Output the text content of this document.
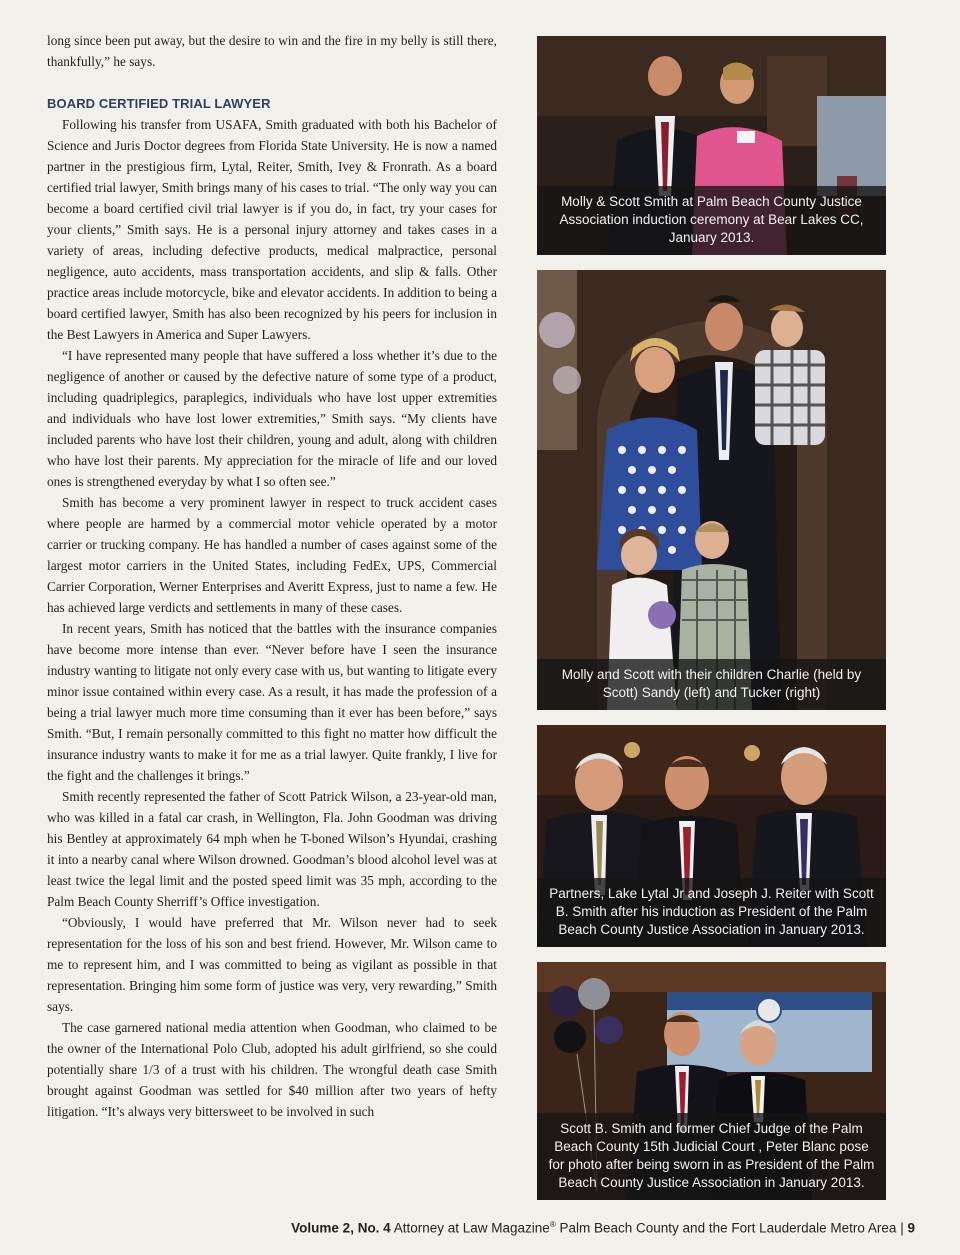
long since been put away, but the desire to win and the fire in my belly is still there, thankfully,” he says.

BOARD CERTIFIED TRIAL LAWYER

Following his transfer from USAFA, Smith graduated with both his Bachelor of Science and Juris Doctor degrees from Florida State University. He is now a named partner in the prestigious firm, Lytal, Reiter, Smith, Ivey & Fronrath. As a board certified trial lawyer, Smith brings many of his cases to trial. “The only way you can become a board certified civil trial lawyer is if you do, in fact, try your cases for your clients,” Smith says. He is a personal injury attorney and takes cases in a variety of areas, including defective products, medical malpractice, personal negligence, auto accidents, mass transportation accidents, and slip & falls. Other practice areas include motorcycle, bike and elevator accidents. In addition to being a board certified lawyer, Smith has also been recognized by his peers for inclusion in the Best Lawyers in America and Super Lawyers.

“I have represented many people that have suffered a loss whether it’s due to the negligence of another or caused by the defective nature of some type of a product, including quadriplegics, paraplegics, individuals who have lost upper extremities and individuals who have lost lower extremities,” Smith says. “My clients have included parents who have lost their children, young and adult, along with children who have lost their parents. My appreciation for the miracle of life and our loved ones is strengthened everyday by what I so often see.”

Smith has become a very prominent lawyer in respect to truck accident cases where people are harmed by a commercial motor vehicle operated by a motor carrier or trucking company. He has handled a number of cases against some of the largest motor carriers in the United States, including FedEx, UPS, Commercial Carrier Corporation, Werner Enterprises and Averitt Express, just to name a few. He has achieved large verdicts and settlements in many of these cases.

In recent years, Smith has noticed that the battles with the insurance companies have become more intense than ever. “Never before have I seen the insurance industry wanting to litigate not only every case with us, but wanting to litigate every minor issue contained within every case. As a result, it has made the profession of a being a trial lawyer much more time consuming than it ever has been before,” says Smith. “But, I remain personally committed to this fight no matter how difficult the insurance industry wants to make it for me as a trial lawyer. Quite frankly, I live for the fight and the challenges it brings.”

Smith recently represented the father of Scott Patrick Wilson, a 23-year-old man, who was killed in a fatal car crash, in Wellington, Fla. John Goodman was driving his Bentley at approximately 64 mph when he T-boned Wilson’s Hyundai, crashing it into a nearby canal where Wilson drowned. Goodman’s blood alcohol level was at least twice the legal limit and the posted speed limit was 35 mph, according to the Palm Beach County Sherriff’s Office investigation.

“Obviously, I would have preferred that Mr. Wilson never had to seek representation for the loss of his son and best friend. However, Mr. Wilson came to me to represent him, and I was committed to being as vigilant as possible in that representation. Bringing him some form of justice was very, very rewarding,” Smith says.

The case garnered national media attention when Goodman, who claimed to be the owner of the International Polo Club, adopted his adult girlfriend, so she could potentially share 1/3 of a trust with his children. The wrongful death case Smith brought against Goodman was settled for $40 million after two years of hefty litigation. “It’s always very bittersweet to be involved in such

Molly & Scott Smith at Palm Beach County Justice Association induction ceremony at Bear Lakes CC, January 2013.
Molly and Scott with their children Charlie (held by Scott) Sandy (left) and Tucker (right)
Partners, Lake Lytal Jr and Joseph J. Reiter with Scott B. Smith after his induction as President of the Palm Beach County Justice Association in January 2013.
Scott B. Smith and former Chief Judge of the Palm Beach County 15th Judicial Court , Peter Blanc pose for photo after being sworn in as President of the Palm Beach County Justice Association in January 2013.
Volume 2, No. 4 Attorney at Law Magazine® Palm Beach County and the Fort Lauderdale Metro Area | 9
